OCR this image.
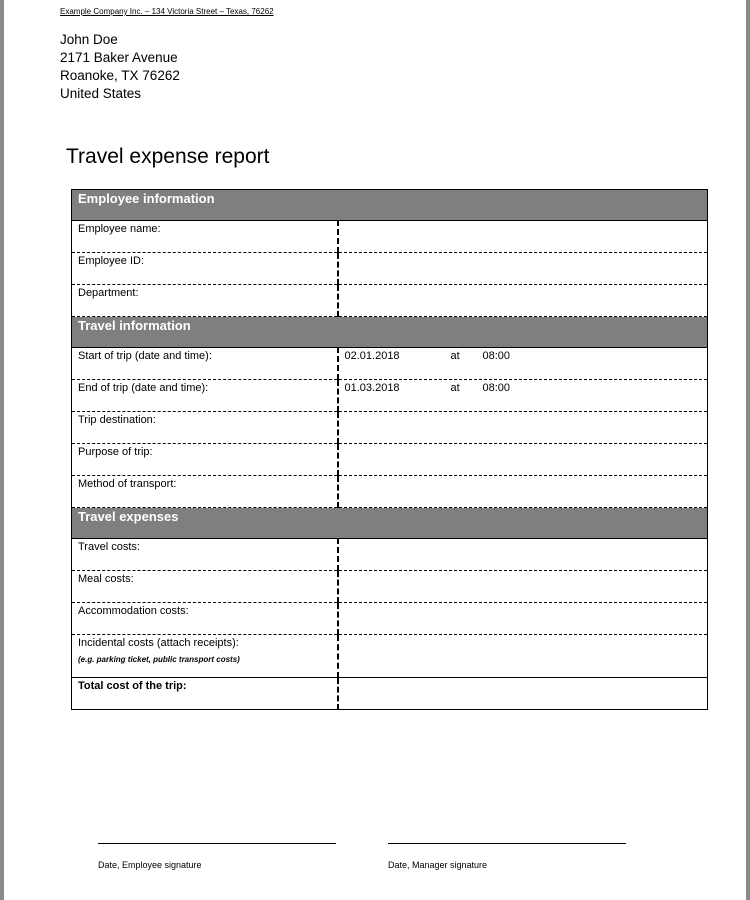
Example Company Inc. – 134 Victoria Street – Texas, 76262
John Doe
2171 Baker Avenue
Roanoke, TX 76262
United States
Travel expense report
Employee information	
Employee name:	
Employee ID:	
Department:	
Travel information	
Start of trip (date and time):	02.01.2018 at 08:00
End of trip (date and time):	01.03.2018 at 08:00
Trip destination:	
Purpose of trip:	
Method of transport:	
Travel expenses	
Travel costs:	
Meal costs:	
Accommodation costs:	
Incidental costs (attach receipts):
(e.g. parking ticket, public transport costs)	

Total cost of the trip:	
Date, Employee signature	Date, Manager signature
